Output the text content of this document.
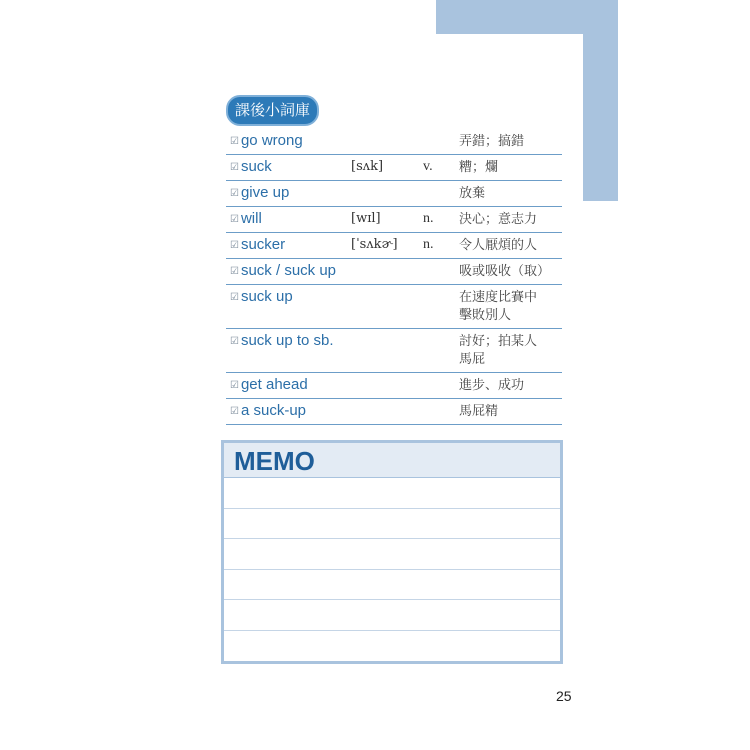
課後小詞庫
☑ go wrong	弄錯；搞錯
☑ suck	[sʌk]	v. 糟；爛
☑ give up	放棄
☑ will	[wɪl]	n. 決心；意志力
☑ sucker	[ˈsʌkɚ] n. 令人厭煩的人
☑ suck / suck up	吸或吸收（取）
☑ suck up	在速度比賽中擊敗別人
☑ suck up to sb.	討好；拍某人馬屁
☑ get ahead	進步、成功
☑ a suck-up	馬屁精
MEMO
25
